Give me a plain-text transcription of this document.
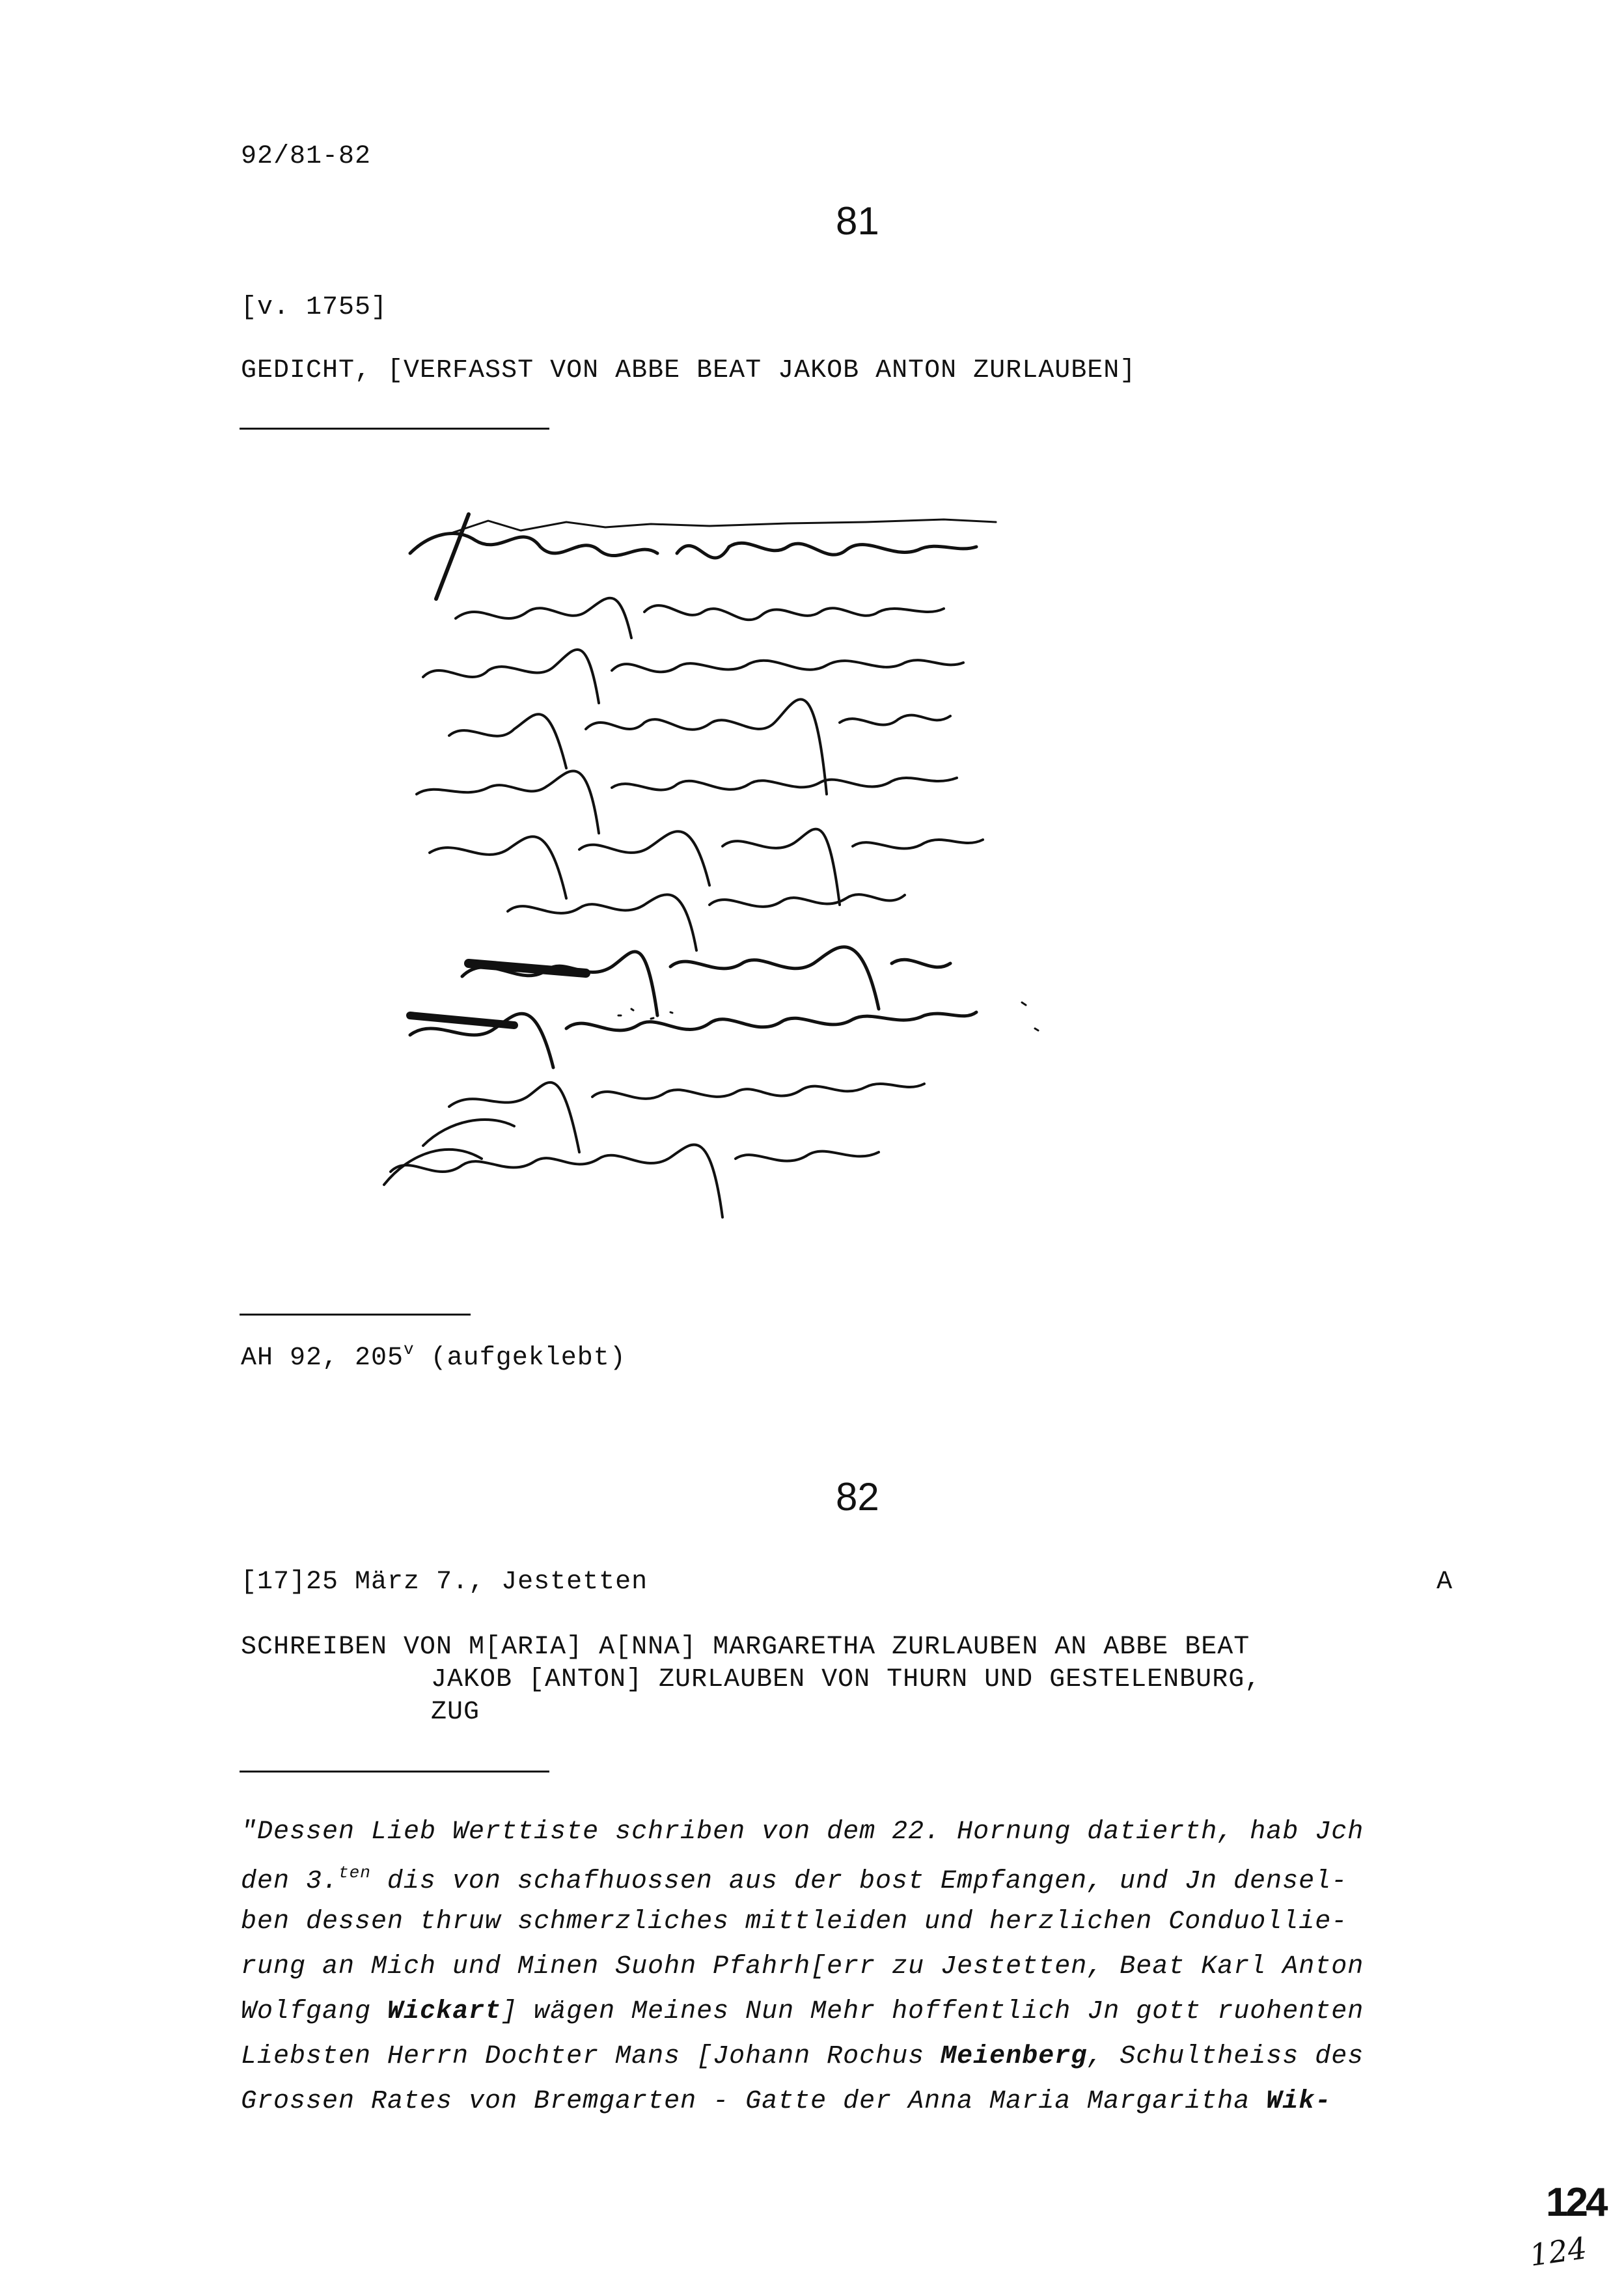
92/81-82
81
[v. 1755]
GEDICHT, [VERFASST VON ABBE BEAT JAKOB ANTON ZURLAUBEN]
AH 92, 205$^v$ (aufgeklebt)
82
[17]25 März 7., Jestetten	A
SCHREIBEN VON M[ARIA] A[NNA] MARGARETHA ZURLAUBEN AN ABBE BEAT
JAKOB [ANTON] ZURLAUBEN VON THURN UND GESTELENBURG,
ZUG
"Dessen Lieb Werttiste schriben von dem 22. Hornung datierth, hab Jch
den 3.$^{ten}$ dis von schafhuossen aus der bost Empfangen, und Jn densel-
ben dessen thruw schmerzliches mittleiden und herzlichen Conduollie-
rung an Mich und Minen Suohn Pfahrh[err zu Jestetten, Beat Karl Anton
Wolfgang Wickart] wägen Meines Nun Mehr hoffentlich Jn gott ruohenten
Liebsten Herrn Dochter Mans [Johann Rochus Meienberg, Schultheiss des
Grossen Rates von Bremgarten - Gatte der Anna Maria Margaritha Wik-
124
124
